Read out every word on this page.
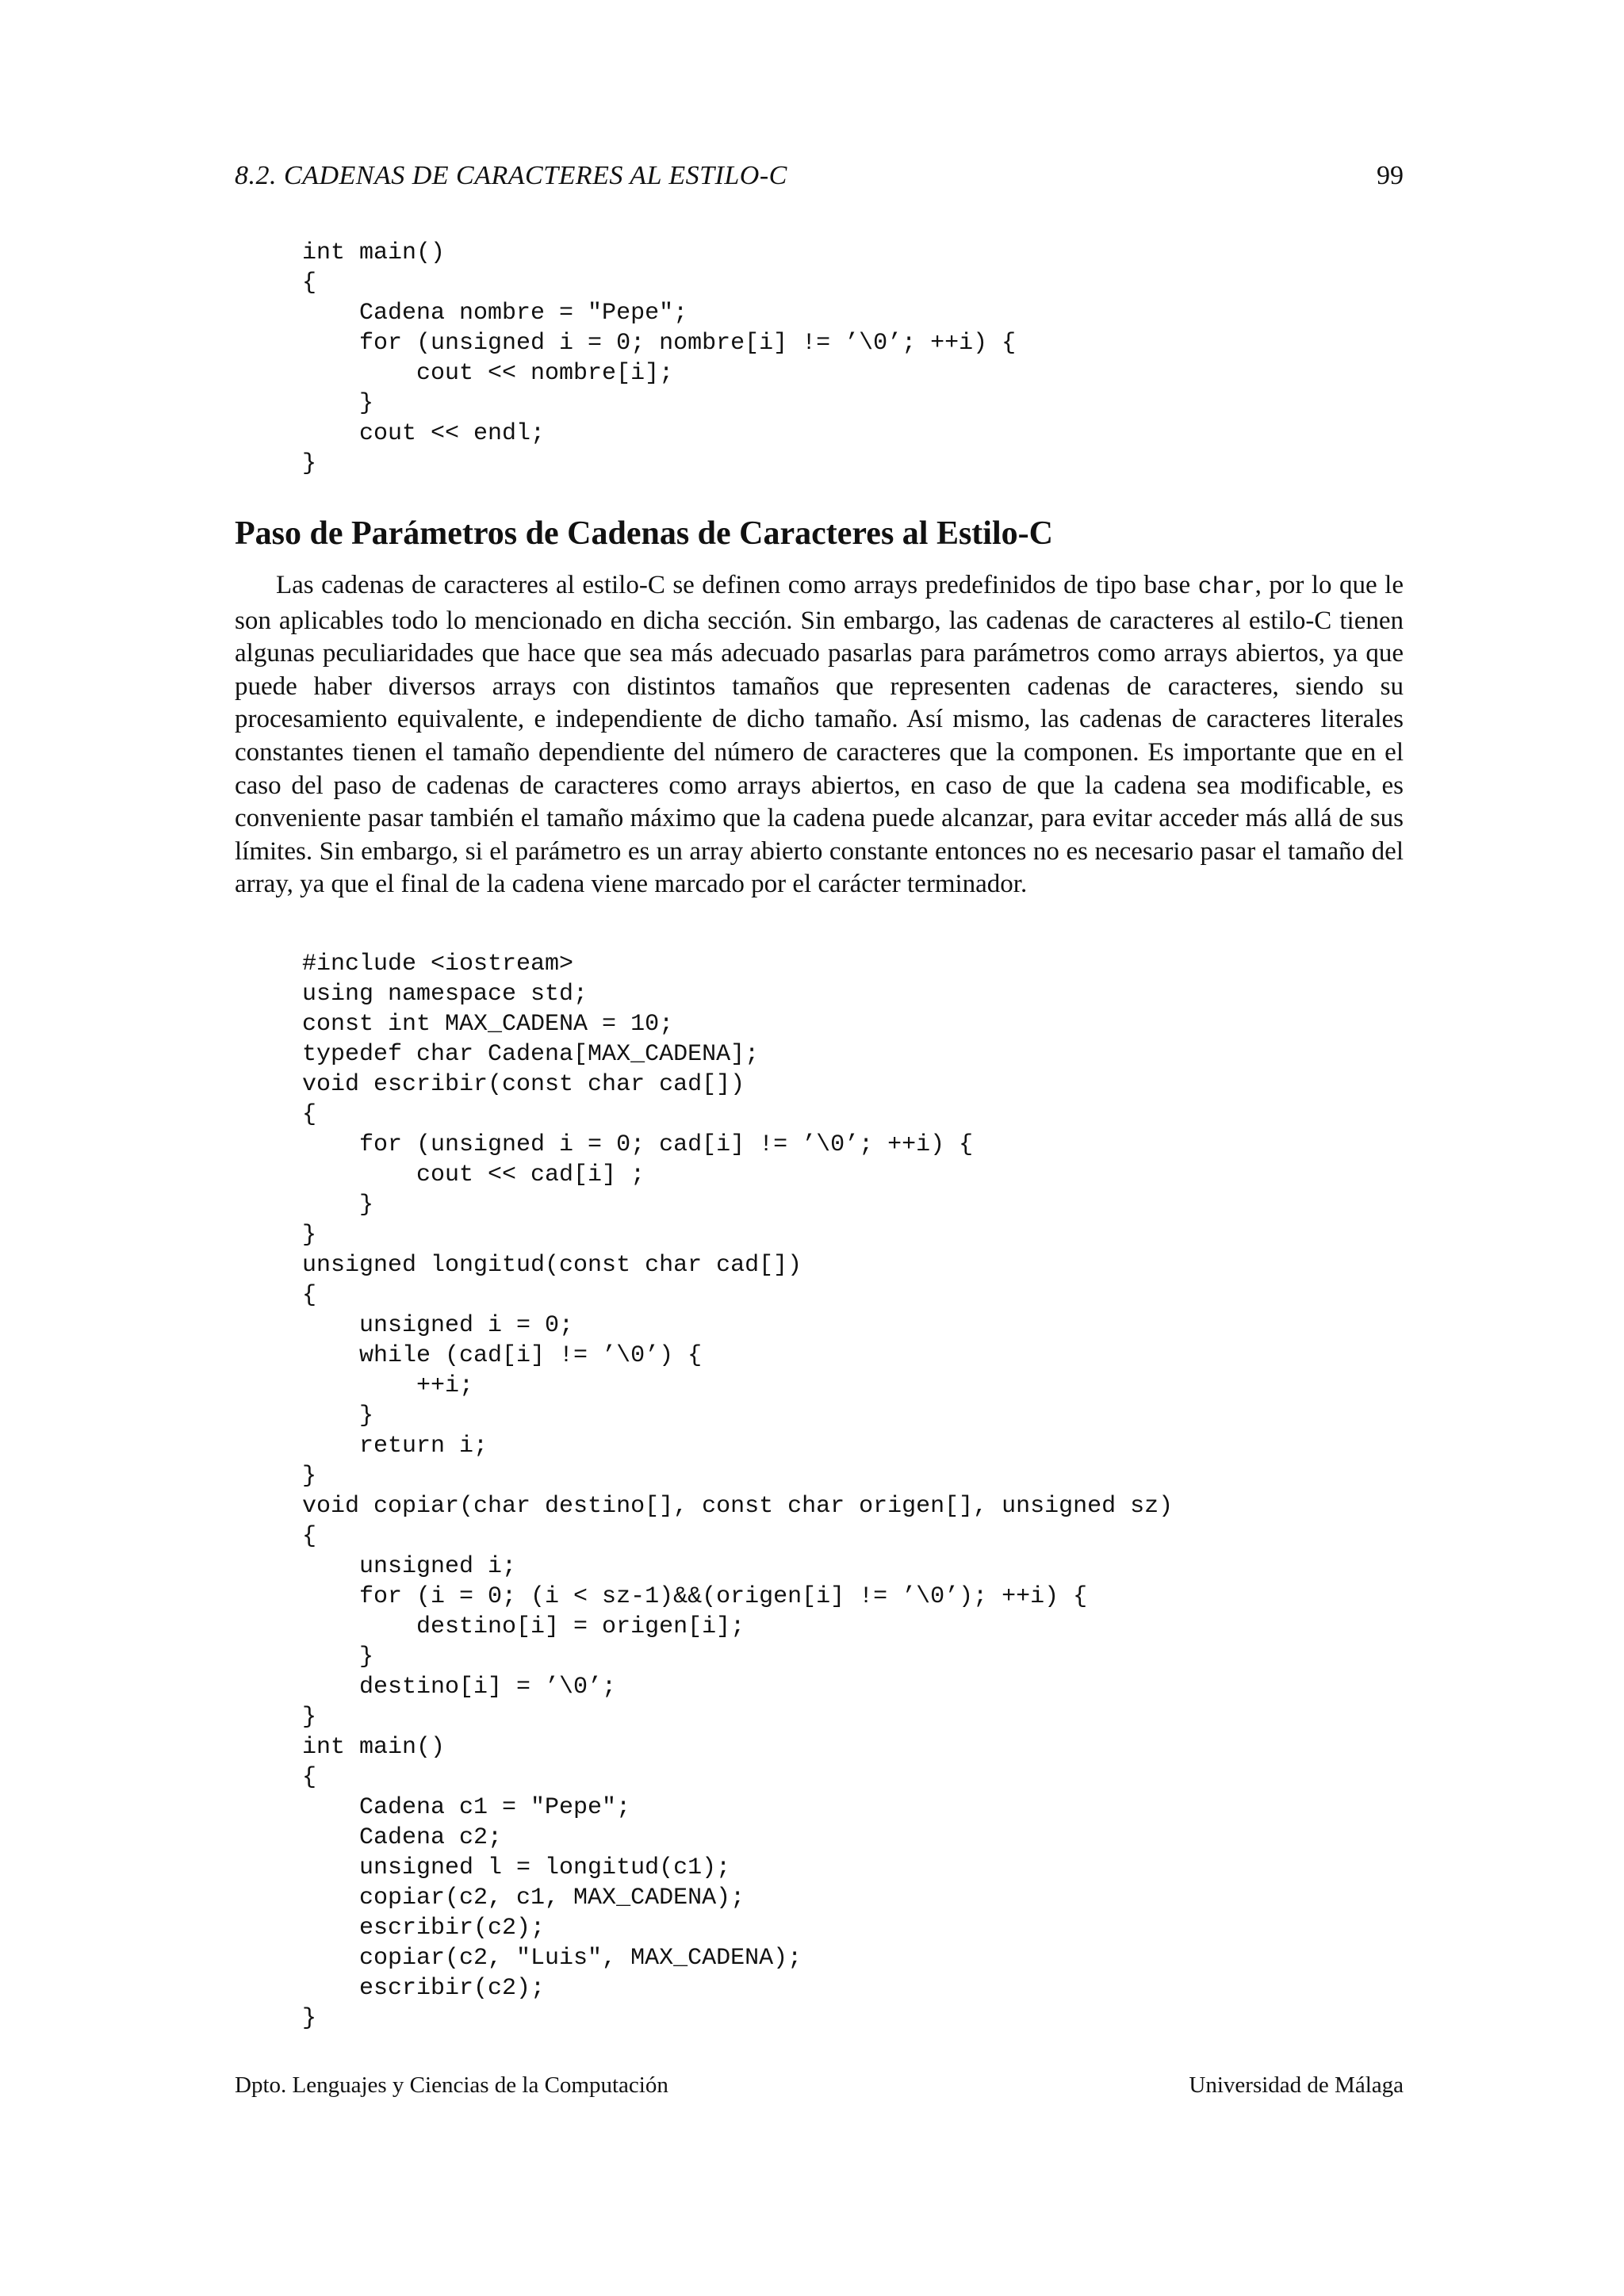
8.2. CADENAS DE CARACTERES AL ESTILO-C	99
int main()
{
Cadena nombre = "Pepe";
for (unsigned i = 0; nombre[i] != ’\0’; ++i) {
cout << nombre[i];
}
cout << endl;
}
Paso de Parámetros de Cadenas de Caracteres al Estilo-C

Las cadenas de caracteres al estilo-C se definen como arrays predefinidos de tipo base char, por lo que le son aplicables todo lo mencionado en dicha sección. Sin embargo, las cadenas de caracteres al estilo-C tienen algunas peculiaridades que hace que sea más adecuado pasarlas para parámetros como arrays abiertos, ya que puede haber diversos arrays con distintos tamaños que representen cadenas de caracteres, siendo su procesamiento equivalente, e independiente de dicho tamaño. Así mismo, las cadenas de caracteres literales constantes tienen el tamaño dependiente del número de caracteres que la componen. Es importante que en el caso del paso de cadenas de caracteres como arrays abiertos, en caso de que la cadena sea modificable, es conveniente pasar también el tamaño máximo que la cadena puede alcanzar, para evitar acceder más allá de sus límites. Sin embargo, si el parámetro es un array abierto constante entonces no es necesario pasar el tamaño del array, ya que el final de la cadena viene marcado por el carácter terminador.

#include <iostream>
using namespace std;
const int MAX_CADENA = 10;
typedef char Cadena[MAX_CADENA];
void escribir(const char cad[])
{
for (unsigned i = 0; cad[i] != ’\0’; ++i) {
cout << cad[i] ;
}
}
unsigned longitud(const char cad[])
{
unsigned i = 0;
while (cad[i] != ’\0’) {
++i;
}
return i;
}
void copiar(char destino[], const char origen[], unsigned sz)
{
unsigned i;
for (i = 0; (i < sz-1)&&(origen[i] != ’\0’); ++i) {
destino[i] = origen[i];
}
destino[i] = ’\0’;
}
int main()
{
Cadena c1 = "Pepe";
Cadena c2;
unsigned l = longitud(c1);
copiar(c2, c1, MAX_CADENA);
escribir(c2);
copiar(c2, "Luis", MAX_CADENA);
escribir(c2);
}
Dpto. Lenguajes y Ciencias de la Computación	Universidad de Málaga
